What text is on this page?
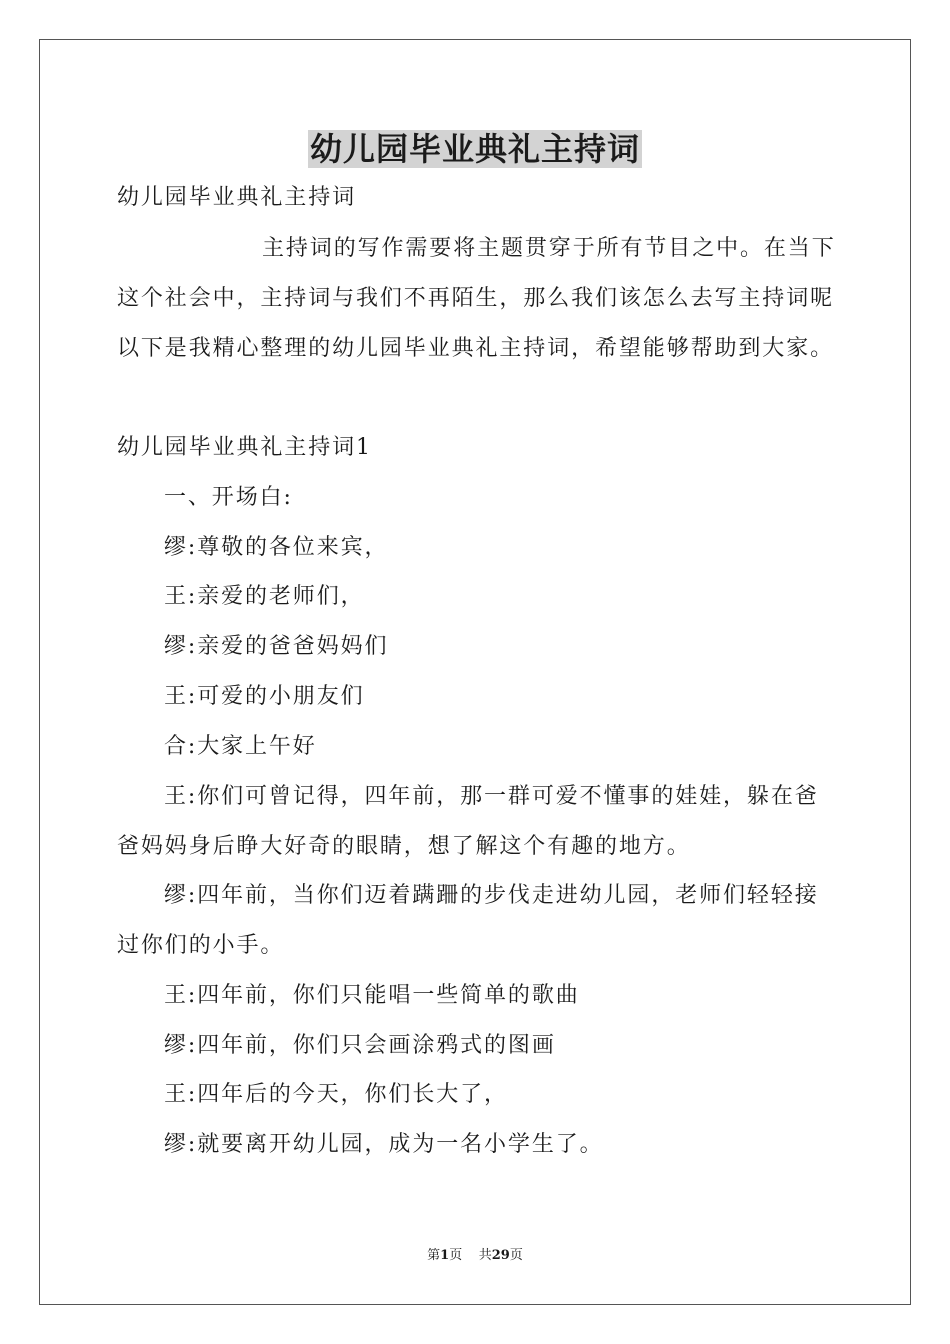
幼儿园毕业典礼主持词
幼儿园毕业典礼主持词
主持词的写作需要将主题贯穿于所有节目之中。在当下
这个社会中，主持词与我们不再陌生，那么我们该怎么去写主持词呢
以下是我精心整理的幼儿园毕业典礼主持词，希望能够帮助到大家。
幼儿园毕业典礼主持词1
一、开场白:
缪:尊敬的各位来宾，
王:亲爱的老师们，
缪:亲爱的爸爸妈妈们
王:可爱的小朋友们
合:大家上午好
王:你们可曾记得，四年前，那一群可爱不懂事的娃娃，躲在爸
爸妈妈身后睁大好奇的眼睛，想了解这个有趣的地方。
缪:四年前，当你们迈着蹒跚的步伐走进幼儿园，老师们轻轻接
过你们的小手。
王:四年前，你们只能唱一些简单的歌曲
缪:四年前，你们只会画涂鸦式的图画
王:四年后的今天，你们长大了，
缪:就要离开幼儿园，成为一名小学生了。
第1页 共29页
